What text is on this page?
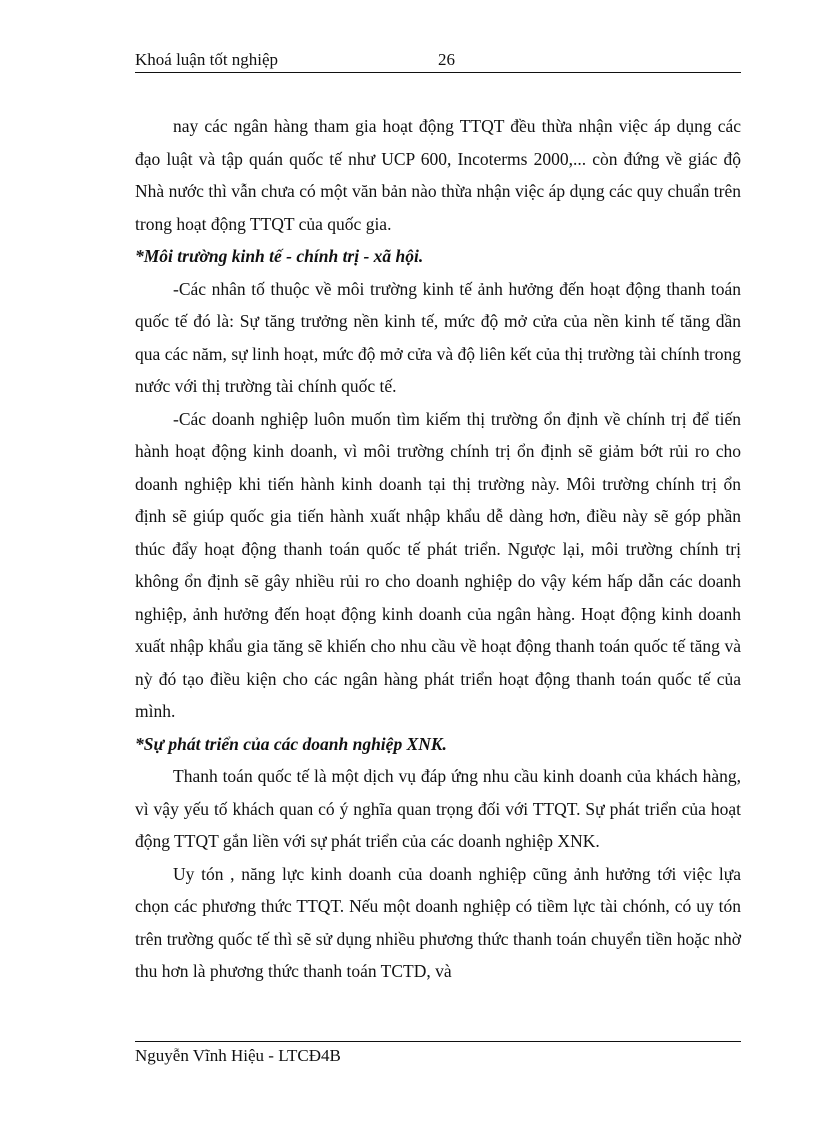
Khoá luận tốt nghiệp	26

nay các ngân hàng tham gia hoạt động TTQT đều thừa nhận việc áp dụng các đạo luật và tập quán quốc tế như UCP 600, Incoterms 2000,... còn đứng về giác độ Nhà nước thì vẫn chưa có một văn bản nào thừa nhận việc áp dụng các quy chuẩn trên trong hoạt động TTQT của quốc gia.

*Môi trường kinh tế - chính trị - xã hội.

-Các nhân tố thuộc về môi trường kinh tế ảnh hưởng đến hoạt động thanh toán quốc tế đó là: Sự tăng trưởng nền kinh tế, mức độ mở cửa của nền kinh tế tăng dần qua các năm, sự linh hoạt, mức độ mở cửa và độ liên kết của thị trường tài chính trong nước với thị trường tài chính quốc tế.

-Các doanh nghiệp luôn muốn tìm kiếm thị trường ổn định về chính trị để tiến hành hoạt động kinh doanh, vì môi trường chính trị ổn định sẽ giảm bớt rủi ro cho doanh nghiệp khi tiến hành kinh doanh tại thị trường này. Môi trường chính trị ổn định sẽ giúp quốc gia tiến hành xuất nhập khẩu dễ dàng hơn, điều này sẽ góp phần thúc đẩy hoạt động thanh toán quốc tế phát triển. Ngược lại, môi trường chính trị không ổn định sẽ gây nhiều rủi ro cho doanh nghiệp do vậy kém hấp dẫn các doanh nghiệp, ảnh hưởng đến hoạt động kinh doanh của ngân hàng. Hoạt động kinh doanh xuất nhập khẩu gia tăng sẽ khiến cho nhu cầu về hoạt động thanh toán quốc tế tăng và nỳ đó tạo điều kiện cho các ngân hàng phát triển hoạt động thanh toán quốc tế của mình.

*Sự phát triển của các doanh nghiệp XNK.

Thanh toán quốc tế là một dịch vụ đáp ứng nhu cầu kinh doanh của khách hàng, vì vậy yếu tố khách quan có ý nghĩa quan trọng đối với TTQT. Sự phát triển của hoạt động TTQT gắn liền với sự phát triển của các doanh nghiệp XNK.

Uy tón , năng lực kinh doanh của doanh nghiệp cũng ảnh hưởng tới việc lựa chọn các phương thức TTQT. Nếu một doanh nghiệp có tiềm lực tài chónh, có uy tón trên trường quốc tế thì sẽ sử dụng nhiều phương thức thanh toán chuyển tiền hoặc nhờ thu hơn là phương thức thanh toán TCTD, và

Nguyễn Vĩnh Hiệu - LTCĐ4B
